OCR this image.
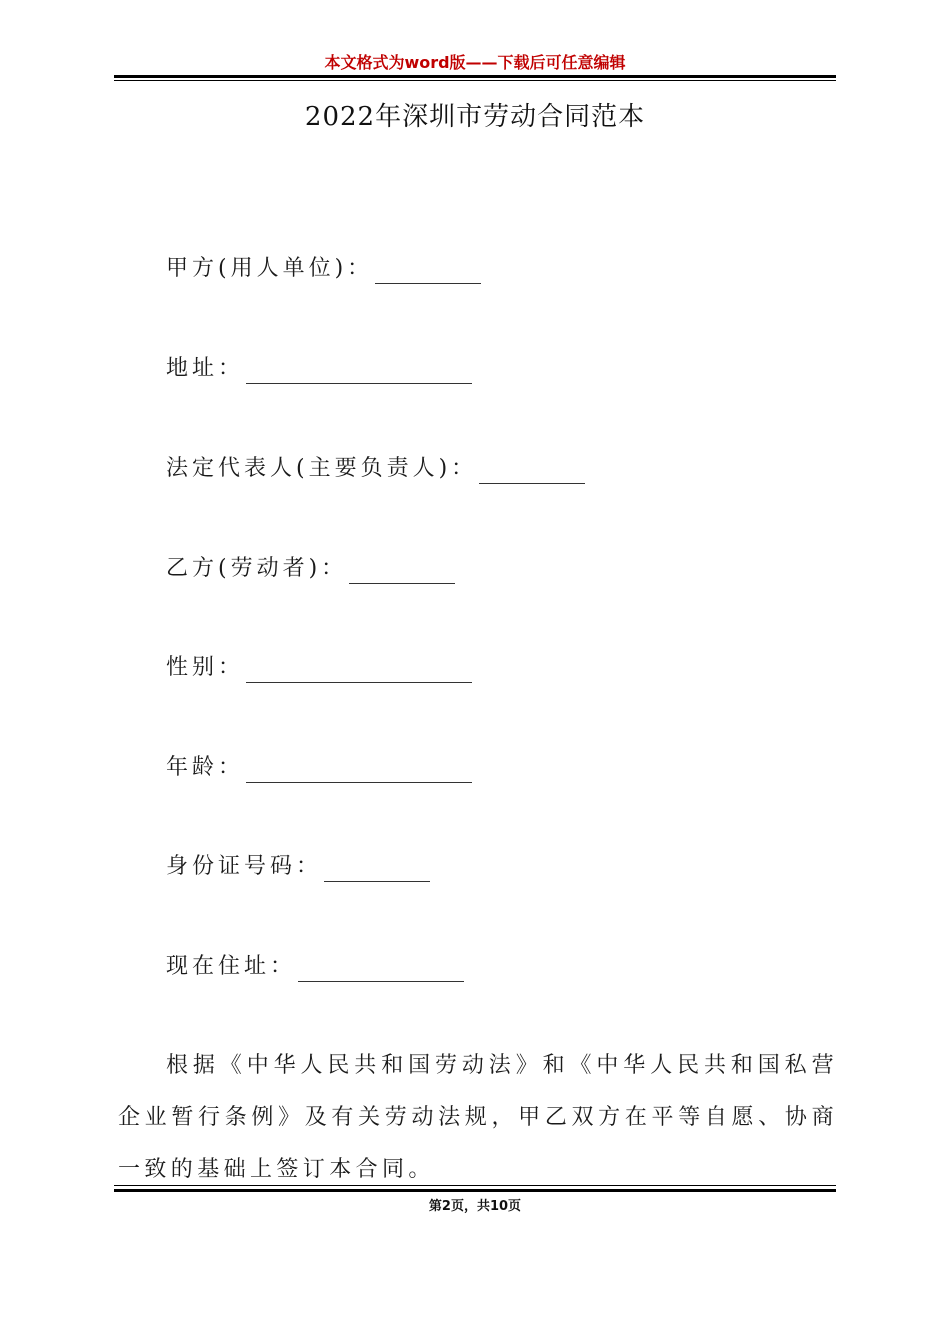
本文格式为word版——下载后可任意编辑
2022年深圳市劳动合同范本
甲方(用人单位)：
地址：
法定代表人(主要负责人)：
乙方(劳动者)：
性别：
年龄：
身份证号码：
现在住址：
根据《中华人民共和国劳动法》和《中华人民共和国私营企业暂行条例》及有关劳动法规，甲乙双方在平等自愿、协商一致的基础上签订本合同。
第2页，共10页
